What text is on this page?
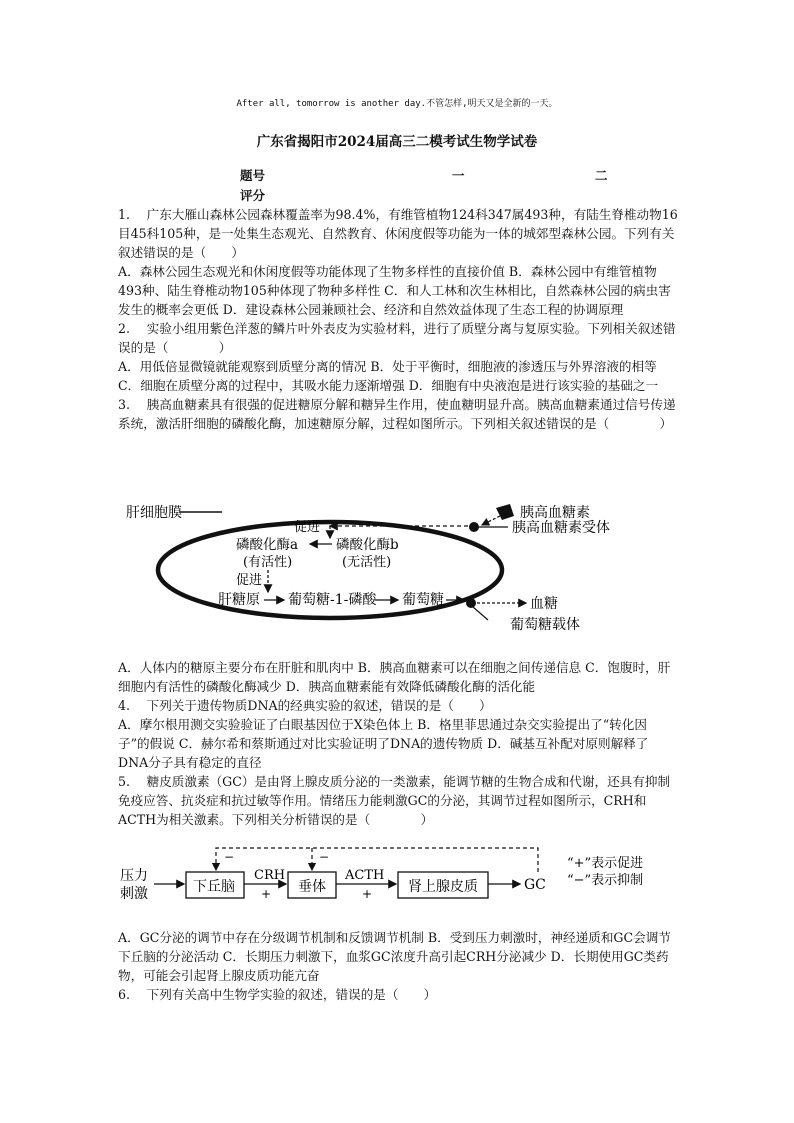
After all, tomorrow is another day.不管怎样,明天又是全新的一天。
广东省揭阳市2024届高三二模考试生物学试卷
题号	一	二
评分

1.　 广东大雁山森林公园森林覆盖率为98.4%，有维管植物124科347属493种，有陆生脊椎动物16目45科105种，是一处集生态观光、自然教育、休闲度假等功能为一体的城郊型森林公园。下列有关叙述错误的是（　　）

A．森林公园生态观光和休闲度假等功能体现了生物多样性的直接价值 B．森林公园中有维管植物493种、陆生脊椎动物105种体现了物种多样性 C．和人工林和次生林相比，自然森林公园的病虫害发生的概率会更低 D．建设森林公园兼顾社会、经济和自然效益体现了生态工程的协调原理

2.　 实验小组用紫色洋葱的鳞片叶外表皮为实验材料，进行了质壁分离与复原实验。下列相关叙述错误的是（　　　　）

A．用低倍显微镜就能观察到质壁分离的情况 B．处于平衡时，细胞液的渗透压与外界溶液的相等 C．细胞在质壁分离的过程中，其吸水能力逐渐增强 D．细胞有中央液泡是进行该实验的基础之一

3.　 胰高血糖素具有很强的促进糖原分解和糖异生作用，使血糖明显升高。胰高血糖素通过信号传递系统，激活肝细胞的磷酸化酶，加速糖原分解，过程如图所示。下列相关叙述错误的是（　　　　）

肝细胞膜	胰高血糖素
胰高血糖素受体
促进
磷酸化酶a
(有活性)
磷酸化酶b
(无活性)
促进
肝糖原 葡萄糖-1-磷酸 葡萄糖	血糖
葡萄糖载体

A．人体内的糖原主要分布在肝脏和肌肉中 B．胰高血糖素可以在细胞之间传递信息 C．饱腹时，肝细胞内有活性的磷酸化酶减少 D．胰高血糖素能有效降低磷酸化酶的活化能

4.　 下列关于遗传物质DNA的经典实验的叙述，错误的是（　　）

A．摩尔根用测交实验验证了白眼基因位于X染色体上 B．格里菲思通过杂交实验提出了“转化因子”的假说 C．赫尔希和蔡斯通过对比实验证明了DNA的遗传物质 D．碱基互补配对原则解释了DNA分子具有稳定的直径

5.　 糖皮质激素（GC）是由肾上腺皮质分泌的一类激素，能调节糖的生物合成和代谢，还具有抑制免疫应答、抗炎症和抗过敏等作用。情绪压力能刺激GC的分泌，其调节过程如图所示，CRH和ACTH为相关激素。下列相关分析错误的是（　　　　）

压力
刺激	下丘脑
CRH
+ 垂体
ACTH
+	肾上腺皮质	GC
−	−	“+”表示促进
“−”表示抑制

A．GC分泌的调节中存在分级调节机制和反馈调节机制 B．受到压力刺激时，神经递质和GC会调节下丘脑的分泌活动 C．长期压力刺激下，血浆GC浓度升高引起CRH分泌减少 D．长期使用GC类药物，可能会引起肾上腺皮质功能亢奋

6.　 下列有关高中生物学实验的叙述，错误的是（　　）
